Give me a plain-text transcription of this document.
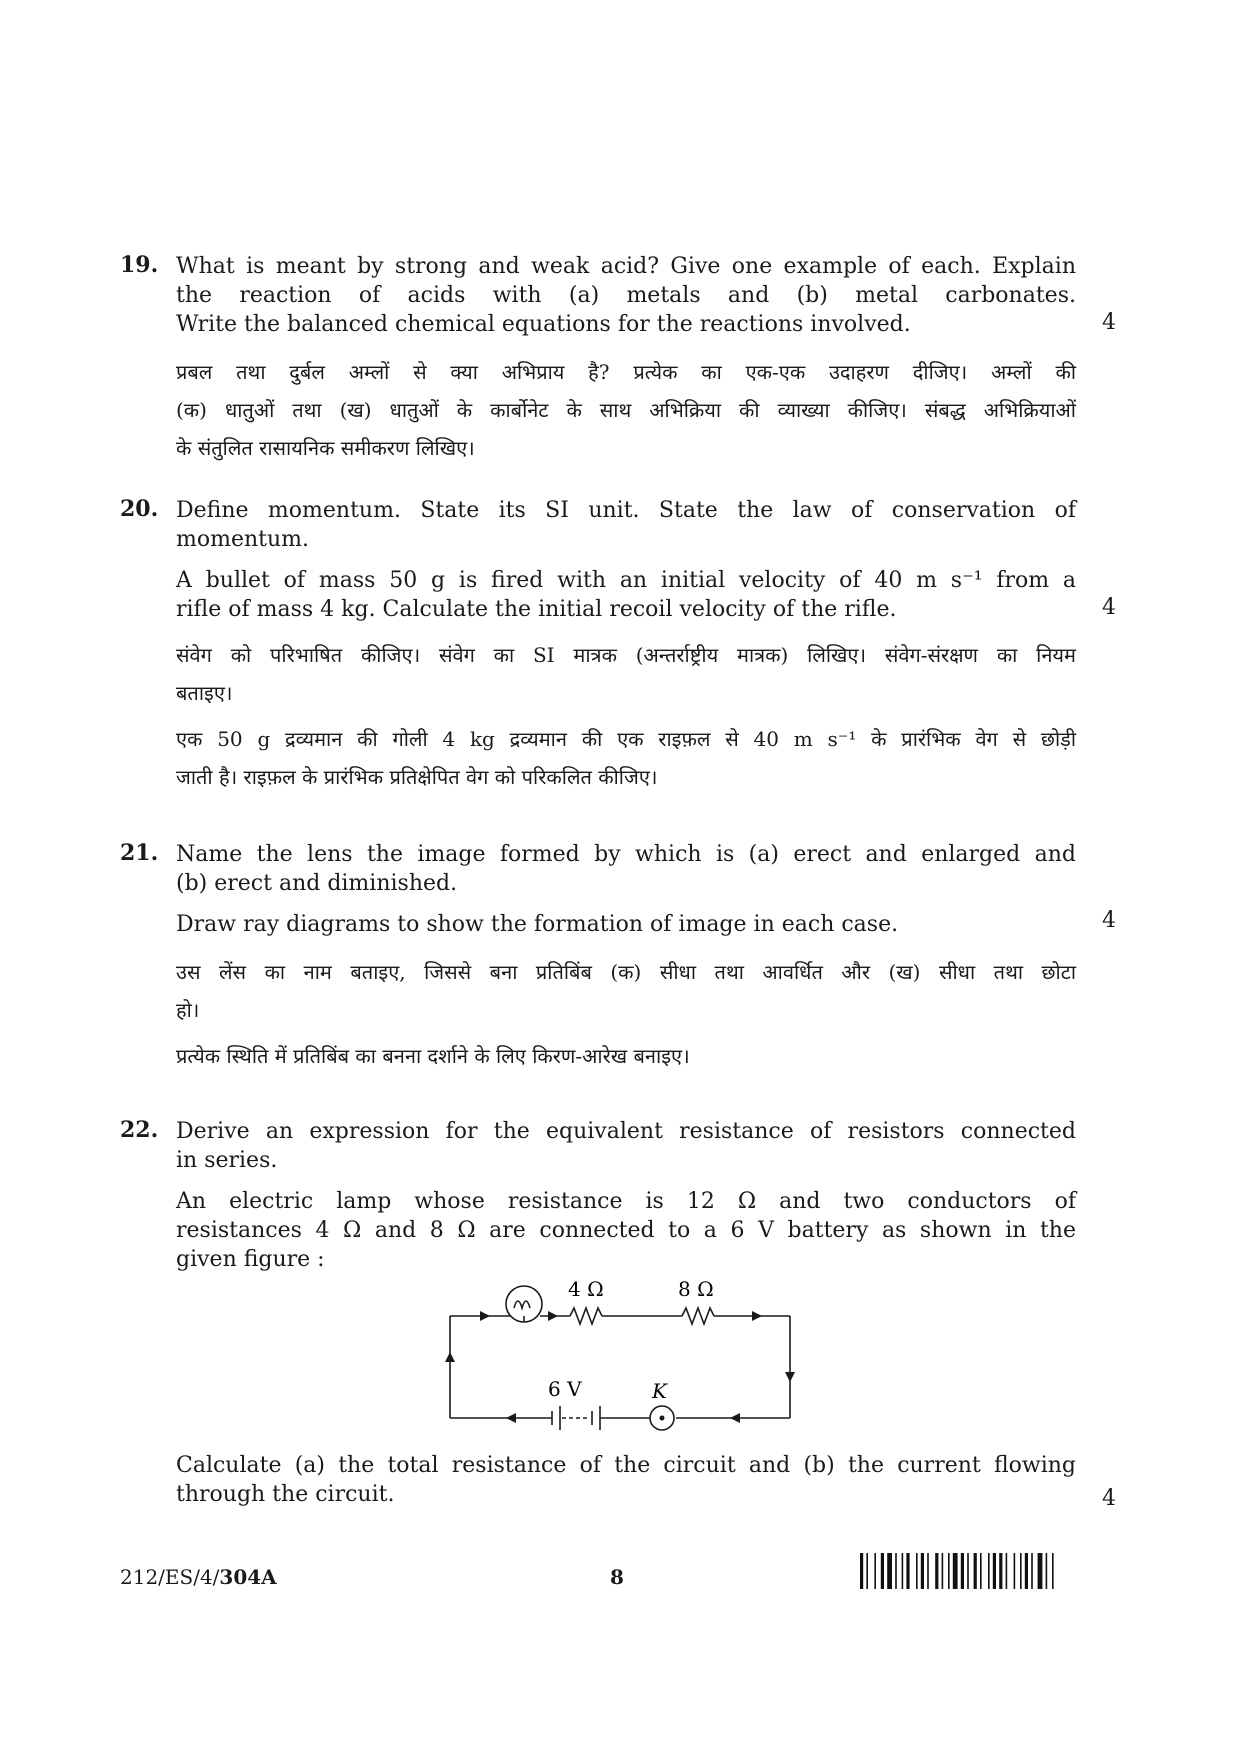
19. What is meant by strong and weak acid? Give one example of each. Explain

the reaction of acids with (a) metals and (b) metal carbonates.

Write the balanced chemical equations for the reactions involved.

प्रबल तथा दुर्बल अम्लों से क्या अभिप्राय है? प्रत्येक का एक-एक उदाहरण दीजिए। अम्लों की

(क) धातुओं तथा (ख) धातुओं के कार्बोनेट के साथ अभिक्रिया की व्याख्या कीजिए। संबद्ध अभिक्रियाओं

के संतुलित रासायनिक समीकरण लिखिए।

4
20. Define momentum. State its SI unit. State the law of conservation of

momentum.

A bullet of mass 50 g is fired with an initial velocity of 40 m s⁻¹ from a

rifle of mass 4 kg. Calculate the initial recoil velocity of the rifle.

संवेग को परिभाषित कीजिए। संवेग का SI मात्रक (अन्तर्राष्ट्रीय मात्रक) लिखिए। संवेग-संरक्षण का नियम

बताइए।

एक 50 g द्रव्यमान की गोली 4 kg द्रव्यमान की एक राइफ़ल से 40 m s⁻¹ के प्रारंभिक वेग से छोड़ी

जाती है। राइफ़ल के प्रारंभिक प्रतिक्षेपित वेग को परिकलित कीजिए।

4
21. Name the lens the image formed by which is (a) erect and enlarged and

(b) erect and diminished.

Draw ray diagrams to show the formation of image in each case.

उस लेंस का नाम बताइए, जिससे बना प्रतिबिंब (क) सीधा तथा आवर्धित और (ख) सीधा तथा छोटा

हो।

प्रत्येक स्थिति में प्रतिबिंब का बनना दर्शाने के लिए किरण-आरेख बनाइए।

4
22. Derive an expression for the equivalent resistance of resistors connected

in series.

An electric lamp whose resistance is 12 Ω and two conductors of

resistances 4 Ω and 8 Ω are connected to a 6 V battery as shown in the

given figure :

4 Ω	8 Ω
6 V	K

Calculate (a) the total resistance of the circuit and (b) the current flowing

through the circuit.	4
212/ES/4/304A	8
